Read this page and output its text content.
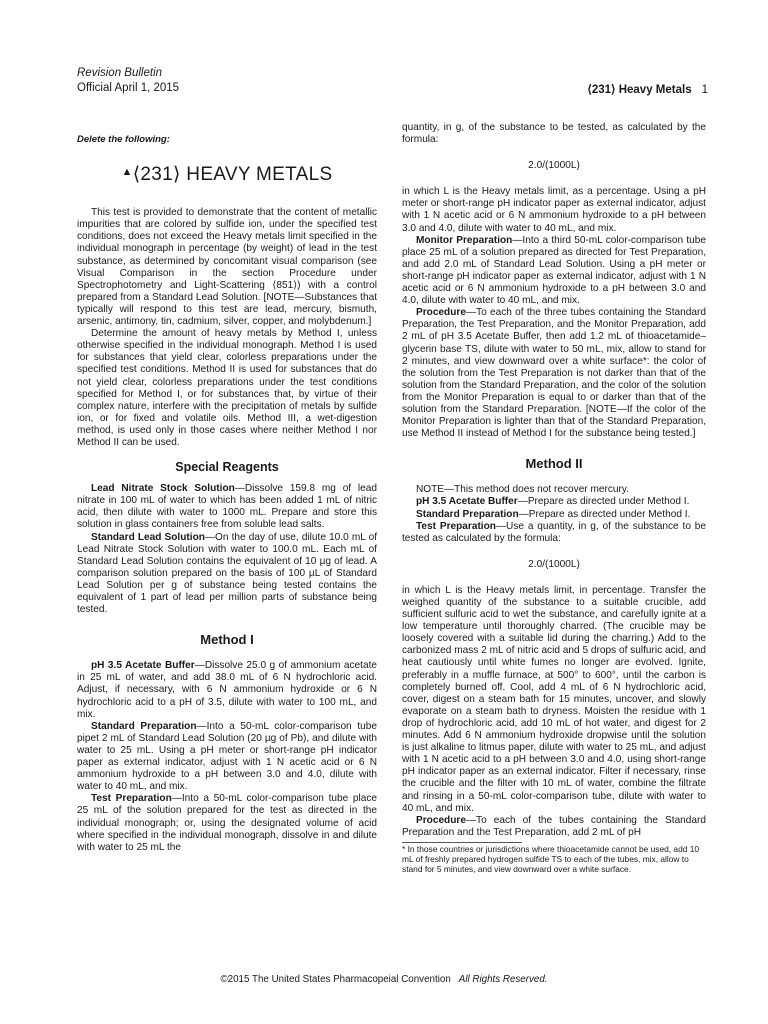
Revision Bulletin
Official April 1, 2015	⟨231⟩ Heavy Metals 1
Delete the following:
▲⟨231⟩ HEAVY METALS

This test is provided to demonstrate that the content of metallic impurities that are colored by sulfide ion, under the specified test conditions, does not exceed the Heavy metals limit specified in the individual monograph in percentage (by weight) of lead in the test substance, as determined by concomitant visual comparison (see Visual Comparison in the section Procedure under Spectrophotometry and Light-Scattering ⟨851⟩) with a control prepared from a Standard Lead Solution. [NOTE—Substances that typically will respond to this test are lead, mercury, bismuth, arsenic, antimony, tin, cadmium, silver, copper, and molybdenum.]

Determine the amount of heavy metals by Method I, unless otherwise specified in the individual monograph. Method I is used for substances that yield clear, colorless preparations under the specified test conditions. Method II is used for substances that do not yield clear, colorless preparations under the test conditions specified for Method I, or for substances that, by virtue of their complex nature, interfere with the precipitation of metals by sulfide ion, or for fixed and volatile oils. Method III, a wet-digestion method, is used only in those cases where neither Method I nor Method II can be used.

Special Reagents

Lead Nitrate Stock Solution—Dissolve 159.8 mg of lead nitrate in 100 mL of water to which has been added 1 mL of nitric acid, then dilute with water to 1000 mL. Prepare and store this solution in glass containers free from soluble lead salts.

Standard Lead Solution—On the day of use, dilute 10.0 mL of Lead Nitrate Stock Solution with water to 100.0 mL. Each mL of Standard Lead Solution contains the equivalent of 10 µg of lead. A comparison solution prepared on the basis of 100 µL of Standard Lead Solution per g of substance being tested contains the equivalent of 1 part of lead per million parts of substance being tested.

Method I

pH 3.5 Acetate Buffer—Dissolve 25.0 g of ammonium acetate in 25 mL of water, and add 38.0 mL of 6 N hydrochloric acid. Adjust, if necessary, with 6 N ammonium hydroxide or 6 N hydrochloric acid to a pH of 3.5, dilute with water to 100 mL, and mix.

Standard Preparation—Into a 50-mL color-comparison tube pipet 2 mL of Standard Lead Solution (20 µg of Pb), and dilute with water to 25 mL. Using a pH meter or short-range pH indicator paper as external indicator, adjust with 1 N acetic acid or 6 N ammonium hydroxide to a pH between 3.0 and 4.0, dilute with water to 40 mL, and mix.

Test Preparation—Into a 50-mL color-comparison tube place 25 mL of the solution prepared for the test as directed in the individual monograph; or, using the designated volume of acid where specified in the individual monograph, dissolve in and dilute with water to 25 mL the

quantity, in g, of the substance to be tested, as calculated by the formula:

2.0/(1000L)

in which L is the Heavy metals limit, as a percentage. Using a pH meter or short-range pH indicator paper as external indicator, adjust with 1 N acetic acid or 6 N ammonium hydroxide to a pH between 3.0 and 4.0, dilute with water to 40 mL, and mix.

Monitor Preparation—Into a third 50-mL color-comparison tube place 25 mL of a solution prepared as directed for Test Preparation, and add 2.0 mL of Standard Lead Solution. Using a pH meter or short-range pH indicator paper as external indicator, adjust with 1 N acetic acid or 6 N ammonium hydroxide to a pH between 3.0 and 4.0, dilute with water to 40 mL, and mix.

Procedure—To each of the three tubes containing the Standard Preparation, the Test Preparation, and the Monitor Preparation, add 2 mL of pH 3.5 Acetate Buffer, then add 1.2 mL of thioacetamide–glycerin base TS, dilute with water to 50 mL, mix, allow to stand for 2 minutes, and view downward over a white surface*: the color of the solution from the Test Preparation is not darker than that of the solution from the Standard Preparation, and the color of the solution from the Monitor Preparation is equal to or darker than that of the solution from the Standard Preparation. [NOTE—If the color of the Monitor Preparation is lighter than that of the Standard Preparation, use Method II instead of Method I for the substance being tested.]

Method II

NOTE—This method does not recover mercury.

pH 3.5 Acetate Buffer—Prepare as directed under Method I.

Standard Preparation—Prepare as directed under Method I.

Test Preparation—Use a quantity, in g, of the substance to be tested as calculated by the formula:

2.0/(1000L)

in which L is the Heavy metals limit, in percentage. Transfer the weighed quantity of the substance to a suitable crucible, add sufficient sulfuric acid to wet the substance, and carefully ignite at a low temperature until thoroughly charred. (The crucible may be loosely covered with a suitable lid during the charring.) Add to the carbonized mass 2 mL of nitric acid and 5 drops of sulfuric acid, and heat cautiously until white fumes no longer are evolved. Ignite, preferably in a muffle furnace, at 500° to 600°, until the carbon is completely burned off. Cool, add 4 mL of 6 N hydrochloric acid, cover, digest on a steam bath for 15 minutes, uncover, and slowly evaporate on a steam bath to dryness. Moisten the residue with 1 drop of hydrochloric acid, add 10 mL of hot water, and digest for 2 minutes. Add 6 N ammonium hydroxide dropwise until the solution is just alkaline to litmus paper, dilute with water to 25 mL, and adjust with 1 N acetic acid to a pH between 3.0 and 4.0, using short-range pH indicator paper as an external indicator. Filter if necessary, rinse the crucible and the filter with 10 mL of water, combine the filtrate and rinsing in a 50-mL color-comparison tube, dilute with water to 40 mL, and mix.

Procedure—To each of the tubes containing the Standard Preparation and the Test Preparation, add 2 mL of pH

* In those countries or jurisdictions where thioacetamide cannot be used, add 10 mL of freshly prepared hydrogen sulfide TS to each of the tubes, mix, allow to stand for 5 minutes, and view downward over a white surface.
©2015 The United States Pharmacopeial Convention All Rights Reserved.
